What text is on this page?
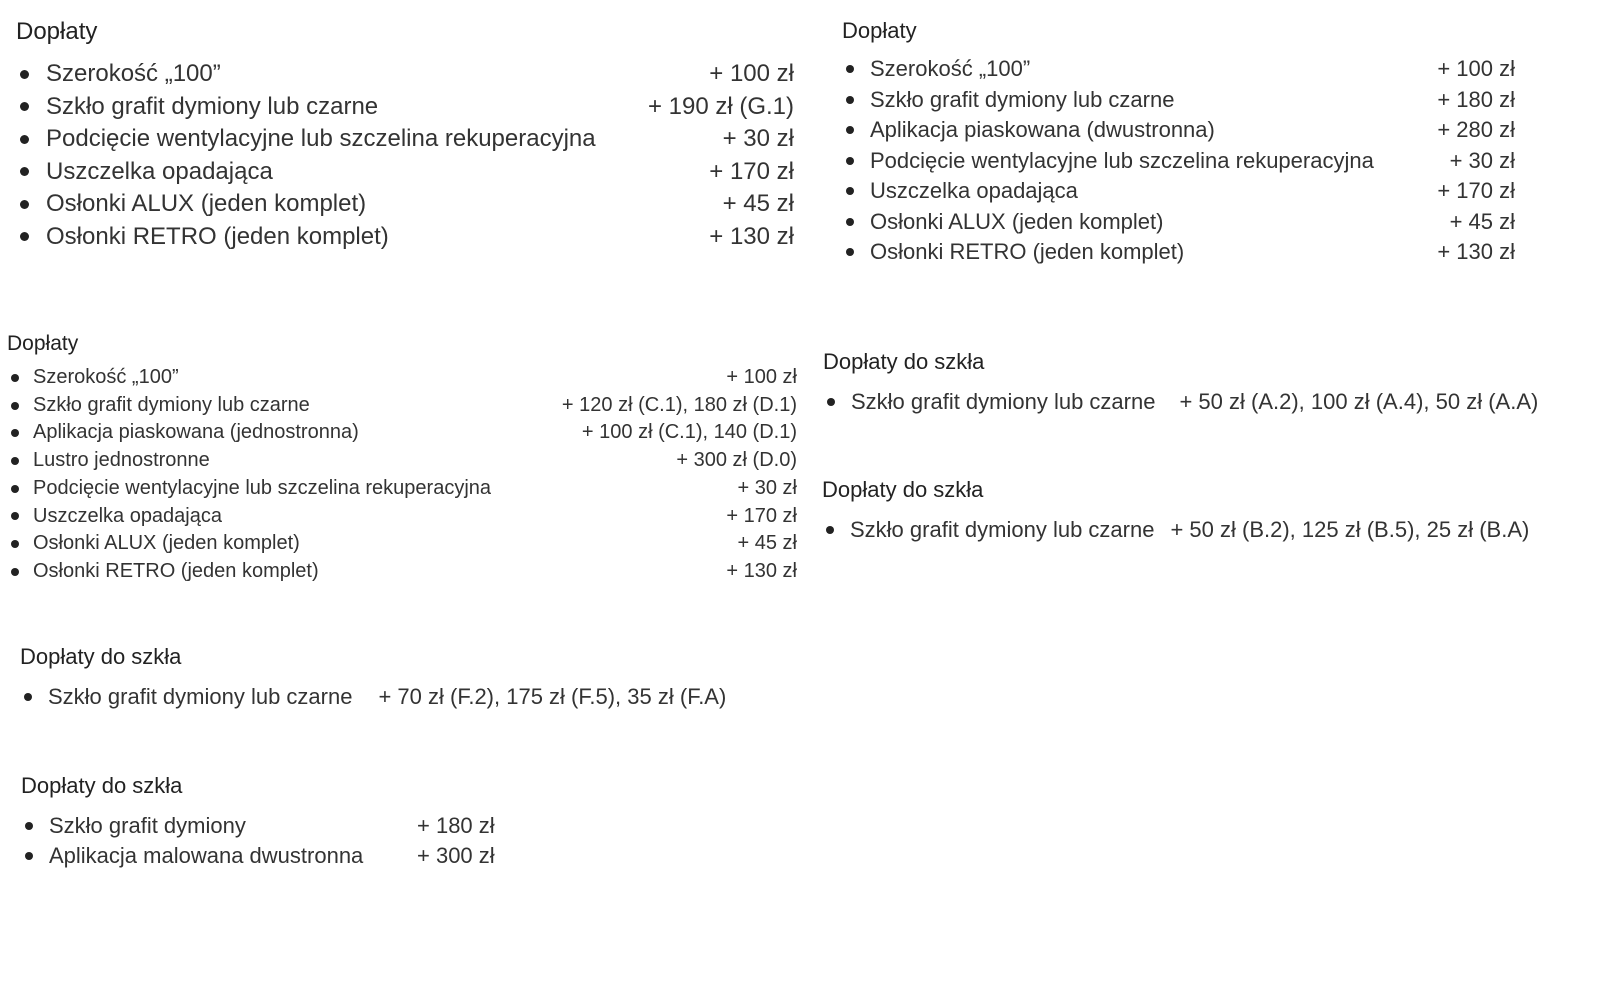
Dopłaty
Szerokość „100”	+ 100 zł
Szkło grafit dymiony lub czarne	+ 190 zł (G.1)
Podcięcie wentylacyjne lub szczelina rekuperacyjna	+ 30 zł
Uszczelka opadająca	+ 170 zł
Osłonki ALUX (jeden komplet)	+ 45 zł
Osłonki RETRO (jeden komplet)	+ 130 zł
Dopłaty
Szerokość „100”	+ 100 zł
Szkło grafit dymiony lub czarne	+ 180 zł
Aplikacja piaskowana (dwustronna)	+ 280 zł
Podcięcie wentylacyjne lub szczelina rekuperacyjna	+ 30 zł
Uszczelka opadająca	+ 170 zł
Osłonki ALUX (jeden komplet)	+ 45 zł
Osłonki RETRO (jeden komplet)	+ 130 zł
Dopłaty
Szerokość „100”	+ 100 zł
Szkło grafit dymiony lub czarne	+ 120 zł (C.1), 180 zł (D.1)
Aplikacja piaskowana (jednostronna)	+ 100 zł (C.1), 140 (D.1)
Lustro jednostronne	+ 300 zł (D.0)
Podcięcie wentylacyjne lub szczelina rekuperacyjna	+ 30 zł
Uszczelka opadająca	+ 170 zł
Osłonki ALUX (jeden komplet)	+ 45 zł
Osłonki RETRO (jeden komplet)	+ 130 zł
Dopłaty do szkła
Szkło grafit dymiony lub czarne + 50 zł (A.2), 100 zł (A.4), 50 zł (A.A)
Dopłaty do szkła
Szkło grafit dymiony lub czarne + 50 zł (B.2), 125 zł (B.5), 25 zł (B.A)
Dopłaty do szkła
Szkło grafit dymiony lub czarne + 70 zł (F.2), 175 zł (F.5), 35 zł (F.A)
Dopłaty do szkła
Szkło grafit dymiony	+ 180 zł
Aplikacja malowana dwustronna	+ 300 zł
